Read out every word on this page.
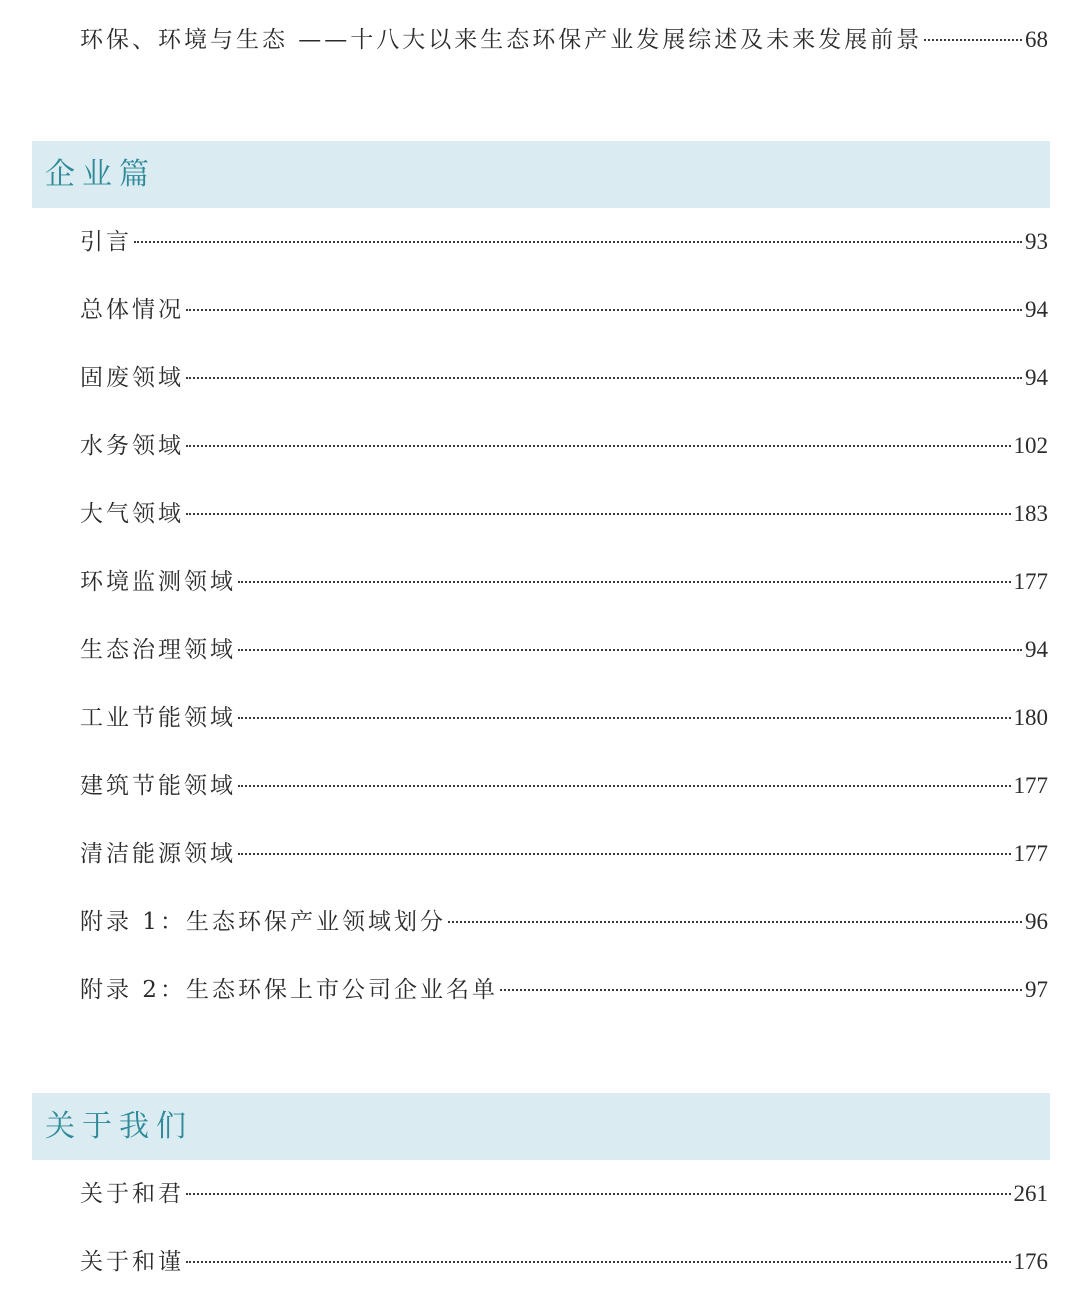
环保、环境与生态 ——十八大以来生态环保产业发展综述及未来发展前景	68
企业篇
引言	93
总体情况	94
固废领域	94
水务领域	102
大气领域	183
环境监测领域	177
生态治理领域	94
工业节能领域	180
建筑节能领域	177
清洁能源领域	177
附录 1：生态环保产业领域划分	96
附录 2：生态环保上市公司企业名单	97
关于我们
关于和君	261
关于和谨	176
